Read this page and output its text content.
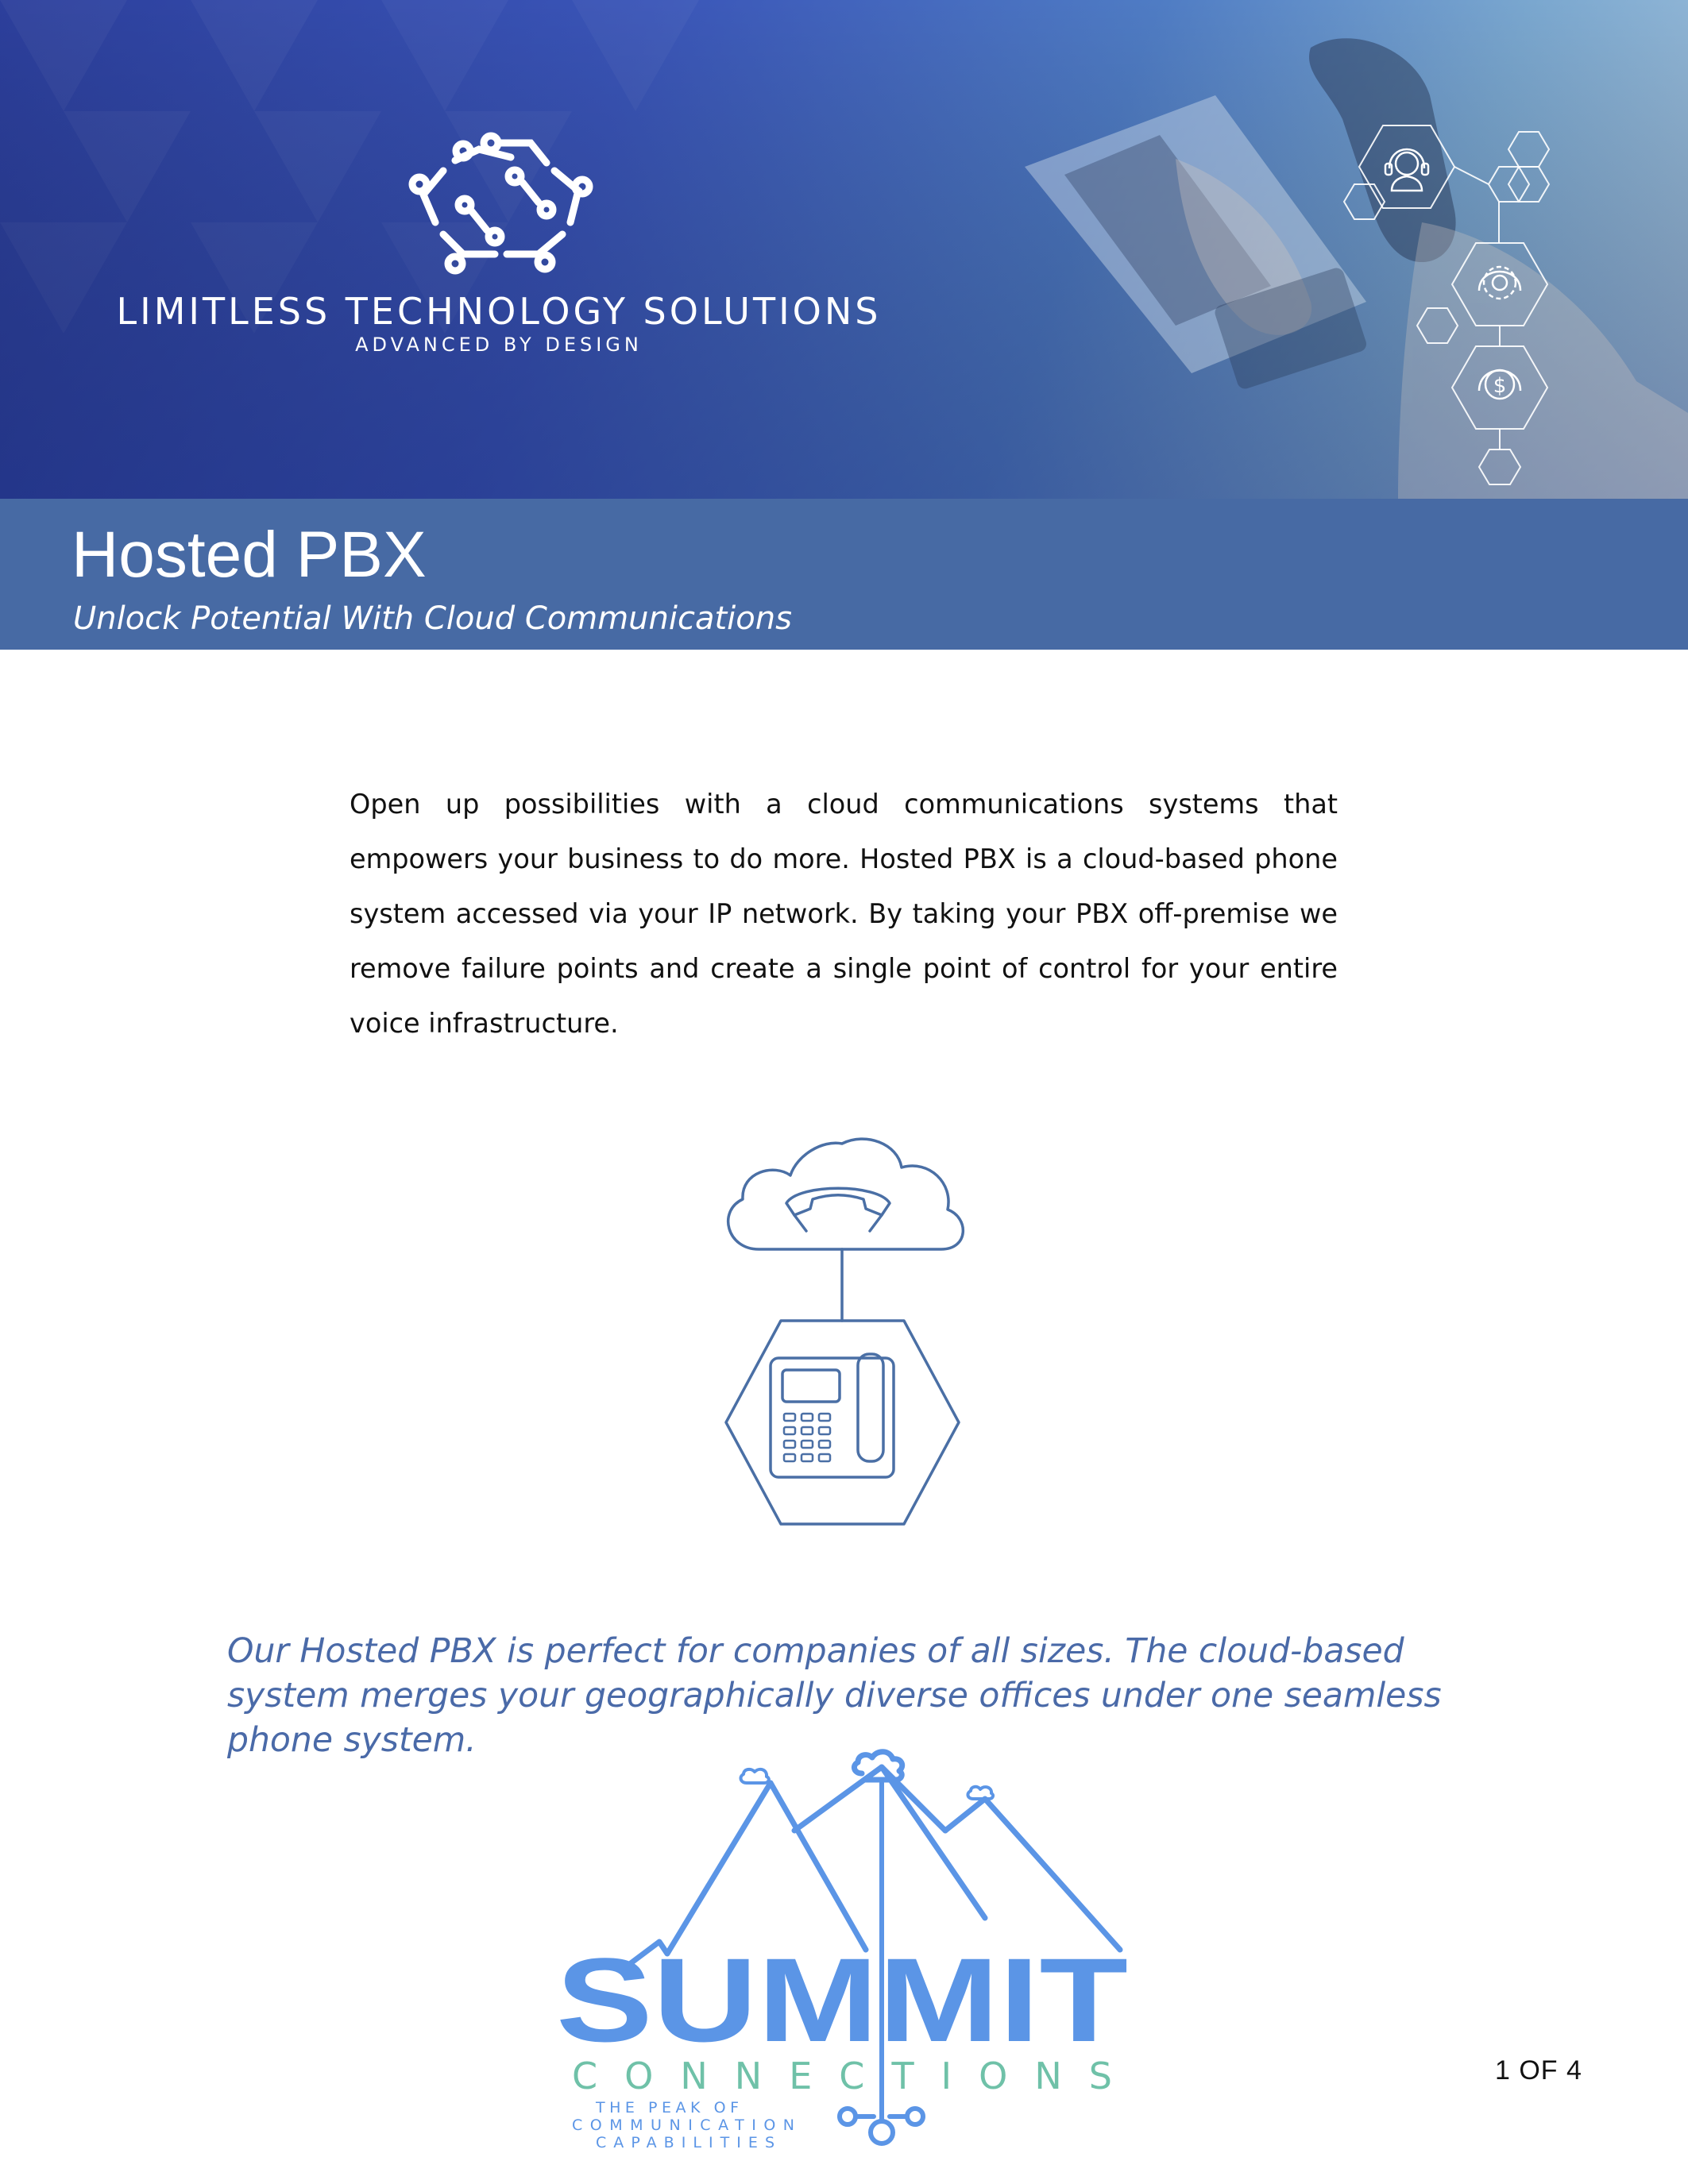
$
LIMITLESS TECHNOLOGY SOLUTIONS
ADVANCED BY DESIGN
Hosted PBX
Unlock Potential With Cloud Communications
Open up possibilities with a cloud communications systems that empowers your business to do more. Hosted PBX is a cloud-based phone system accessed via your IP network. By taking your PBX off-premise we remove failure points and create a single point of control for your entire voice infrastructure.
Our Hosted PBX is perfect for companies of all sizes. The cloud-based system merges your geographically diverse offices under one seamless phone system.
SUMMIT
CONNECTIONS
THE PEAK OF
COMMUNICATION
CAPABILITIES
1 OF 4
